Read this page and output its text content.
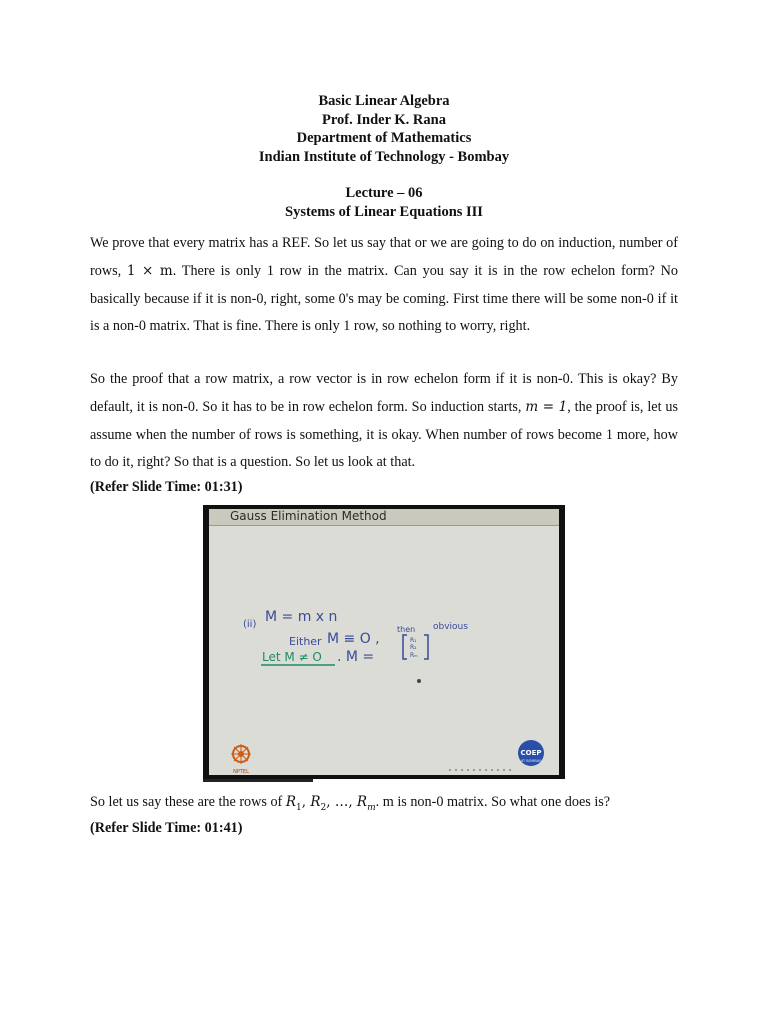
Basic Linear Algebra
Prof. Inder K. Rana
Department of Mathematics
Indian Institute of Technology - Bombay
Lecture – 06
Systems of Linear Equations III
We prove that every matrix has a REF. So let us say that or we are going to do on induction, number of rows, 1 × m. There is only 1 row in the matrix. Can you say it is in the row echelon form? No basically because if it is non-0, right, some 0's may be coming. First time there will be some non-0 if it is a non-0 matrix. That is fine. There is only 1 row, so nothing to worry, right.
So the proof that a row matrix, a row vector is in row echelon form if it is non-0. This is okay? By default, it is non-0. So it has to be in row echelon form. So induction starts, m = 1, the proof is, let us assume when the number of rows is something, it is okay. When number of rows become 1 more, how to do it, right? So that is a question. So let us look at that.
(Refer Slide Time: 01:31)
Gauss Elimination Method
(ii) M = m x n
Either M ≡ O ,
then obvious
Let M ≠ O . M =
R₁
R₂
Rₘ
NPTEL
COEP
IIT BOMBAY
So let us say these are the rows of $R_1$, $R_2$, …, $R_m$. m is non-0 matrix. So what one does is?
(Refer Slide Time: 01:41)
